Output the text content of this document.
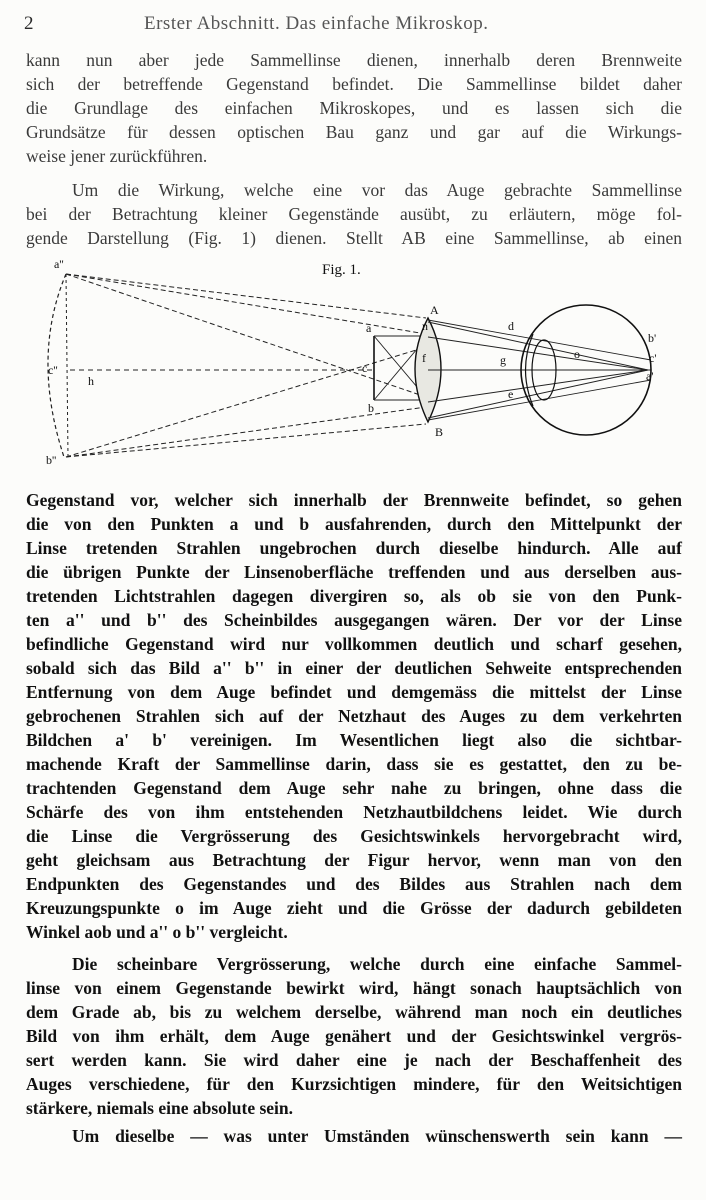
2	Erster Abschnitt. Das einfache Mikroskop.
kann nun aber jede Sammellinse dienen, innerhalb deren Brennweite
sich der betreffende Gegenstand befindet. Die Sammellinse bildet daher
die Grundlage des einfachen Mikroskopes, und es lassen sich die
Grundsätze für dessen optischen Bau ganz und gar auf die Wirkungs-
weise jener zurückführen.
Um die Wirkung, welche eine vor das Auge gebrachte Sammellinse
bei der Betrachtung kleiner Gegenstände ausübt, zu erläutern, möge fol-
gende Darstellung (Fig. 1) dienen. Stellt AB eine Sammellinse, ab einen
a''
c''
b''
h
A
B
a
b
c
n
f
d
e
g	o
b'
c'
a'
Fig. 1.
Gegenstand vor, welcher sich innerhalb der Brennweite befindet, so gehen
die von den Punkten a und b ausfahrenden, durch den Mittelpunkt der
Linse tretenden Strahlen ungebrochen durch dieselbe hindurch. Alle auf
die übrigen Punkte der Linsenoberfläche treffenden und aus derselben aus-
tretenden Lichtstrahlen dagegen divergiren so, als ob sie von den Punk-
ten a'' und b'' des Scheinbildes ausgegangen wären. Der vor der Linse
befindliche Gegenstand wird nur vollkommen deutlich und scharf gesehen,
sobald sich das Bild a'' b'' in einer der deutlichen Sehweite entsprechenden
Entfernung von dem Auge befindet und demgemäss die mittelst der Linse
gebrochenen Strahlen sich auf der Netzhaut des Auges zu dem verkehrten
Bildchen a' b' vereinigen. Im Wesentlichen liegt also die sichtbar-
machende Kraft der Sammellinse darin, dass sie es gestattet, den zu be-
trachtenden Gegenstand dem Auge sehr nahe zu bringen, ohne dass die
Schärfe des von ihm entstehenden Netzhautbildchens leidet. Wie durch
die Linse die Vergrösserung des Gesichtswinkels hervorgebracht wird,
geht gleichsam aus Betrachtung der Figur hervor, wenn man von den
Endpunkten des Gegenstandes und des Bildes aus Strahlen nach dem
Kreuzungspunkte o im Auge zieht und die Grösse der dadurch gebildeten
Winkel aob und a'' o b'' vergleicht.
Die scheinbare Vergrösserung, welche durch eine einfache Sammel-
linse von einem Gegenstande bewirkt wird, hängt sonach hauptsächlich von
dem Grade ab, bis zu welchem derselbe, während man noch ein deutliches
Bild von ihm erhält, dem Auge genähert und der Gesichtswinkel vergrös-
sert werden kann. Sie wird daher eine je nach der Beschaffenheit des
Auges verschiedene, für den Kurzsichtigen mindere, für den Weitsichtigen
stärkere, niemals eine absolute sein.
Um dieselbe — was unter Umständen wünschenswerth sein kann —
